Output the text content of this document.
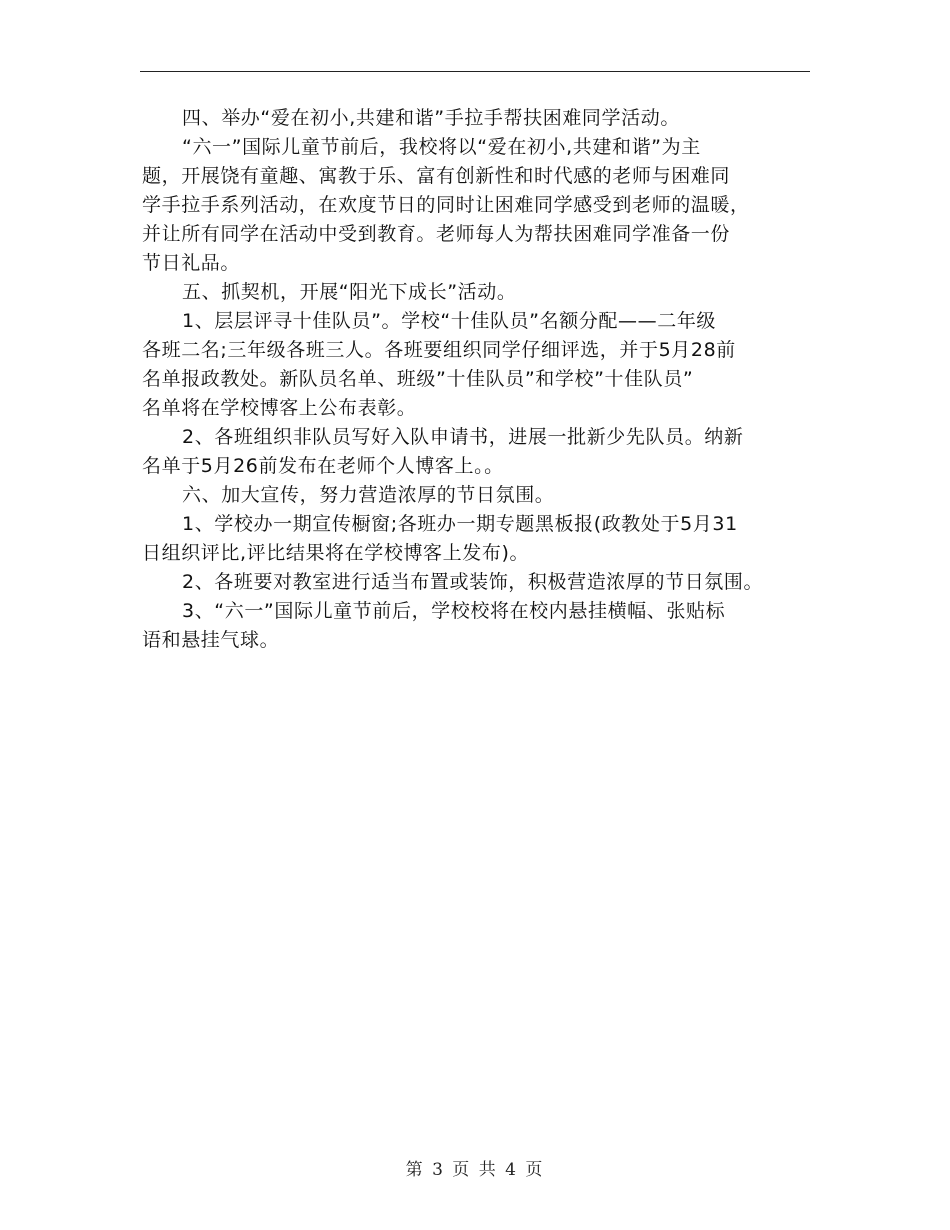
四、举办“爱在初小,共建和谐”手拉手帮扶困难同学活动。
“六一”国际儿童节前后，我校将以“爱在初小,共建和谐”为主
题，开展饶有童趣、寓教于乐、富有创新性和时代感的老师与困难同
学手拉手系列活动，在欢度节日的同时让困难同学感受到老师的温暖，
并让所有同学在活动中受到教育。老师每人为帮扶困难同学准备一份
节日礼品。
五、抓契机，开展“阳光下成长”活动。
1、层层评寻十佳队员”。学校“十佳队员”名额分配——二年级
各班二名;三年级各班三人。各班要组织同学仔细评选，并于5月28前
名单报政教处。新队员名单、班级”十佳队员”和学校”十佳队员”
名单将在学校博客上公布表彰。
2、各班组织非队员写好入队申请书，进展一批新少先队员。纳新
名单于5月26前发布在老师个人博客上。。
六、加大宣传，努力营造浓厚的节日氛围。
1、学校办一期宣传橱窗;各班办一期专题黑板报(政教处于5月31
日组织评比,评比结果将在学校博客上发布)。
2、各班要对教室进行适当布置或装饰，积极营造浓厚的节日氛围。
3、“六一”国际儿童节前后，学校校将在校内悬挂横幅、张贴标
语和悬挂气球。
第 3 页 共 4 页
